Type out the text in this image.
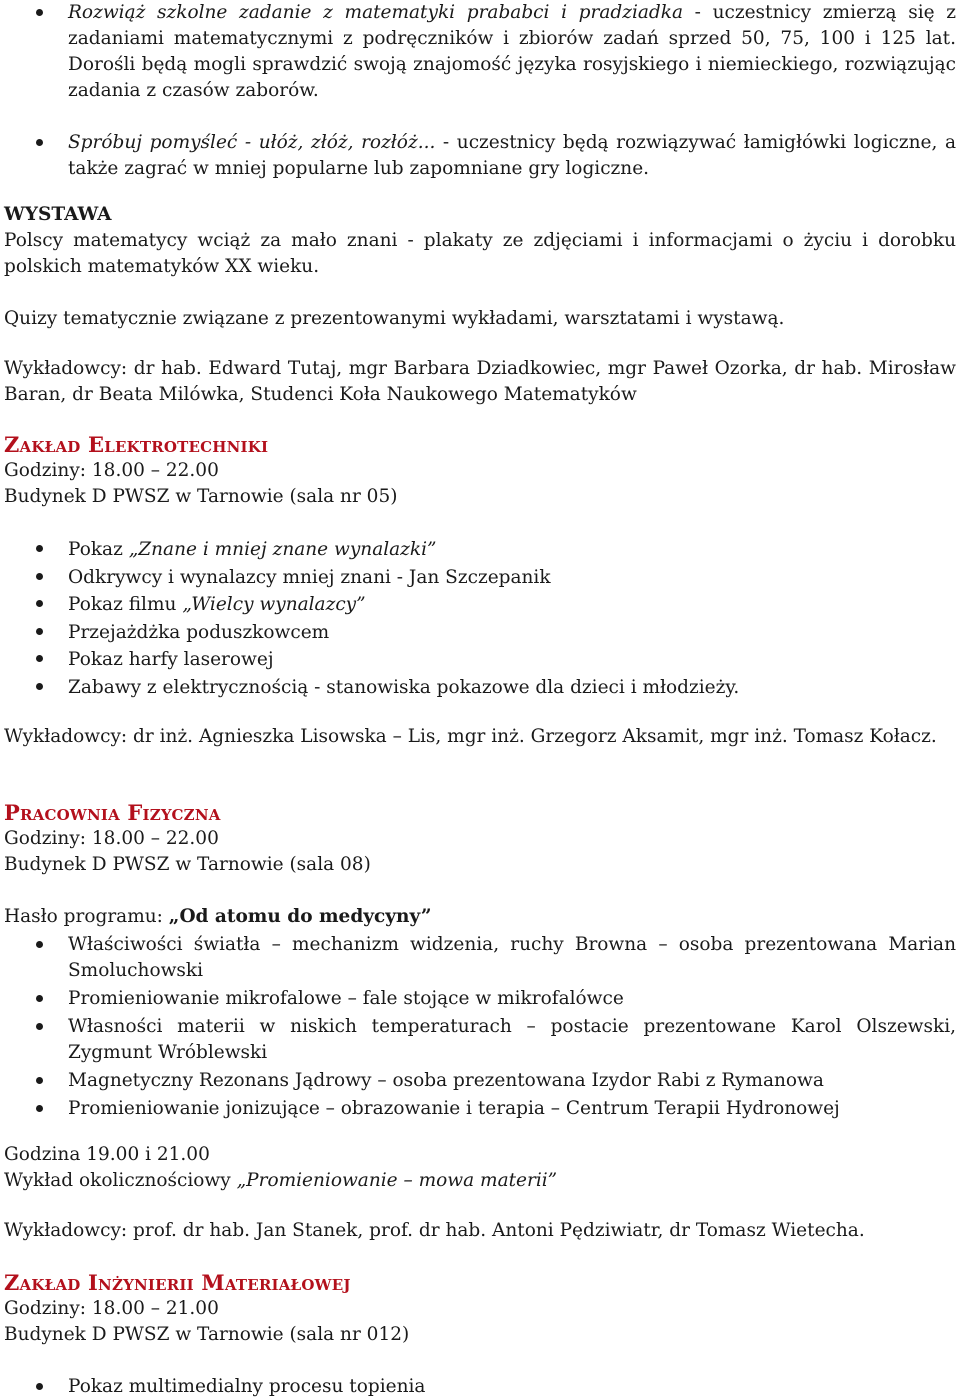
Rozwiąż szkolne zadanie z matematyki prababci i pradziadka - uczestnicy zmierzą się z zadaniami matematycznymi z podręczników i zbiorów zadań sprzed 50, 75, 100 i 125 lat. Dorośli będą mogli sprawdzić swoją znajomość języka rosyjskiego i niemieckiego, rozwiązując zadania z czasów zaborów.
Spróbuj pomyśleć - ułóż, złóż, rozłóż... - uczestnicy będą rozwiązywać łamigłówki logiczne, a także zagrać w mniej popularne lub zapomniane gry logiczne.
WYSTAWA
Polscy matematycy wciąż za mało znani - plakaty ze zdjęciami i informacjami o życiu i dorobku polskich matematyków XX wieku.

Quizy tematycznie związane z prezentowanymi wykładami, warsztatami i wystawą.

Wykładowcy: dr hab. Edward Tutaj, mgr Barbara Dziadkowiec, mgr Paweł Ozorka, dr hab. Mirosław Baran, dr Beata Milówka, Studenci Koła Naukowego Matematyków

Zakład Elektrotechniki
Godziny: 18.00 – 22.00
Budynek D PWSZ w Tarnowie (sala nr 05)
Pokaz „Znane i mniej znane wynalazki”
Odkrywcy i wynalazcy mniej znani - Jan Szczepanik
Pokaz filmu „Wielcy wynalazcy”
Przejażdżka poduszkowcem
Pokaz harfy laserowej
Zabawy z elektrycznością - stanowiska pokazowe dla dzieci i młodzieży.

Wykładowcy: dr inż. Agnieszka Lisowska – Lis, mgr inż. Grzegorz Aksamit, mgr inż. Tomasz Kołacz.

Pracownia Fizyczna
Godziny: 18.00 – 22.00
Budynek D PWSZ w Tarnowie (sala 08)

Hasło programu: „Od atomu do medycyny”

Właściwości światła – mechanizm widzenia, ruchy Browna – osoba prezentowana Marian Smoluchowski
Promieniowanie mikrofalowe – fale stojące w mikrofalówce
Własności materii w niskich temperaturach – postacie prezentowane Karol Olszewski, Zygmunt Wróblewski
Magnetyczny Rezonans Jądrowy – osoba prezentowana Izydor Rabi z Rymanowa
Promieniowanie jonizujące – obrazowanie i terapia – Centrum Terapii Hydronowej
Godzina 19.00 i 21.00
Wykład okolicznościowy „Promieniowanie – mowa materii”

Wykładowcy: prof. dr hab. Jan Stanek, prof. dr hab. Antoni Pędziwiatr, dr Tomasz Wietecha.

Zakład Inżynierii Materiałowej
Godziny: 18.00 – 21.00
Budynek D PWSZ w Tarnowie (sala nr 012)
Pokaz multimedialny procesu topienia
